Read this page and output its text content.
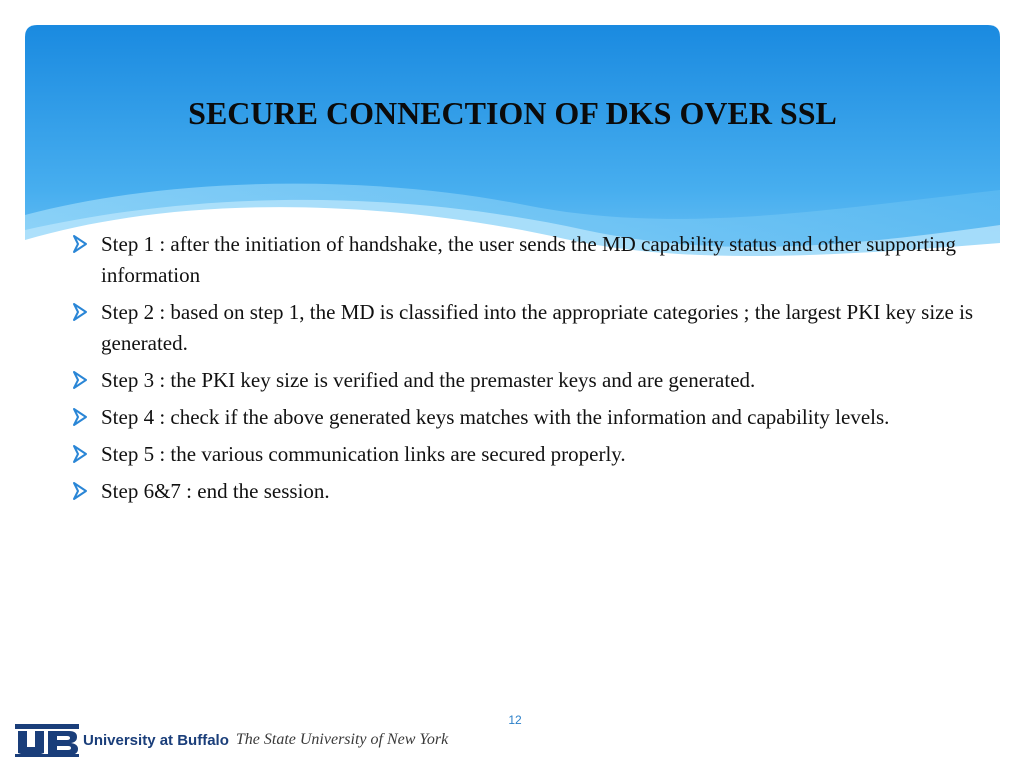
SECURE CONNECTION OF DKS OVER SSL
Step 1 : after the initiation of handshake, the user sends the MD capability status and other supporting information
Step 2 : based on step 1, the MD is classified into the appropriate categories ; the largest PKI key size is generated.
Step 3 : the PKI key size is verified and the premaster keys and are generated.
Step 4 : check if the above generated keys matches with the information and capability levels.
Step 5 : the various communication links are secured properly.
Step 6&7 : end the session.
12
University at Buffalo The State University of New York
